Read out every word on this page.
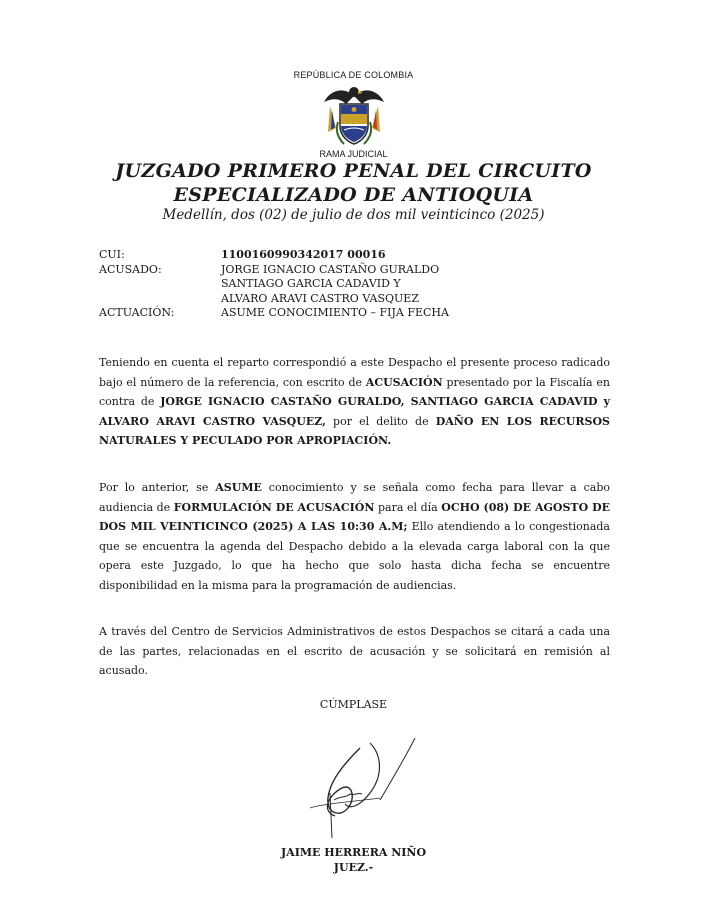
REPÚBLICA DE COLOMBIA
RAMA JUDICIAL
JUZGADO PRIMERO PENAL DEL CIRCUITO
ESPECIALIZADO DE ANTIOQUIA
Medellín, dos (02) de julio de dos mil veinticinco (2025)
CUI:	1100160990342017 00016
ACUSADO:	JORGE IGNACIO CASTAÑO GURALDO
SANTIAGO GARCIA CADAVID Y
ALVARO ARAVI CASTRO VASQUEZ
ACTUACIÓN:	ASUME CONOCIMIENTO – FIJA FECHA
Teniendo en cuenta el reparto correspondió a este Despacho el presente proceso radicado bajo el número de la referencia, con escrito de ACUSACIÓN presentado por la Fiscalía en contra de JORGE IGNACIO CASTAÑO GURALDO, SANTIAGO GARCIA CADAVID y ALVARO ARAVI CASTRO VASQUEZ, por el delito de DAÑO EN LOS RECURSOS NATURALES Y PECULADO POR APROPIACIÓN.
Por lo anterior, se ASUME conocimiento y se señala como fecha para llevar a cabo audiencia de FORMULACIÓN DE ACUSACIÓN para el día OCHO (08) DE AGOSTO DE DOS MIL VEINTICINCO (2025) A LAS 10:30 A.M; Ello atendiendo a lo congestionada que se encuentra la agenda del Despacho debido a la elevada carga laboral con la que opera este Juzgado, lo que ha hecho que solo hasta dicha fecha se encuentre disponibilidad en la misma para la programación de audiencias.
A través del Centro de Servicios Administrativos de estos Despachos se citará a cada una de las partes, relacionadas en el escrito de acusación y se solicitará en remisión al acusado.
CÚMPLASE
JAIME HERRERA NIÑO
JUEZ.-
